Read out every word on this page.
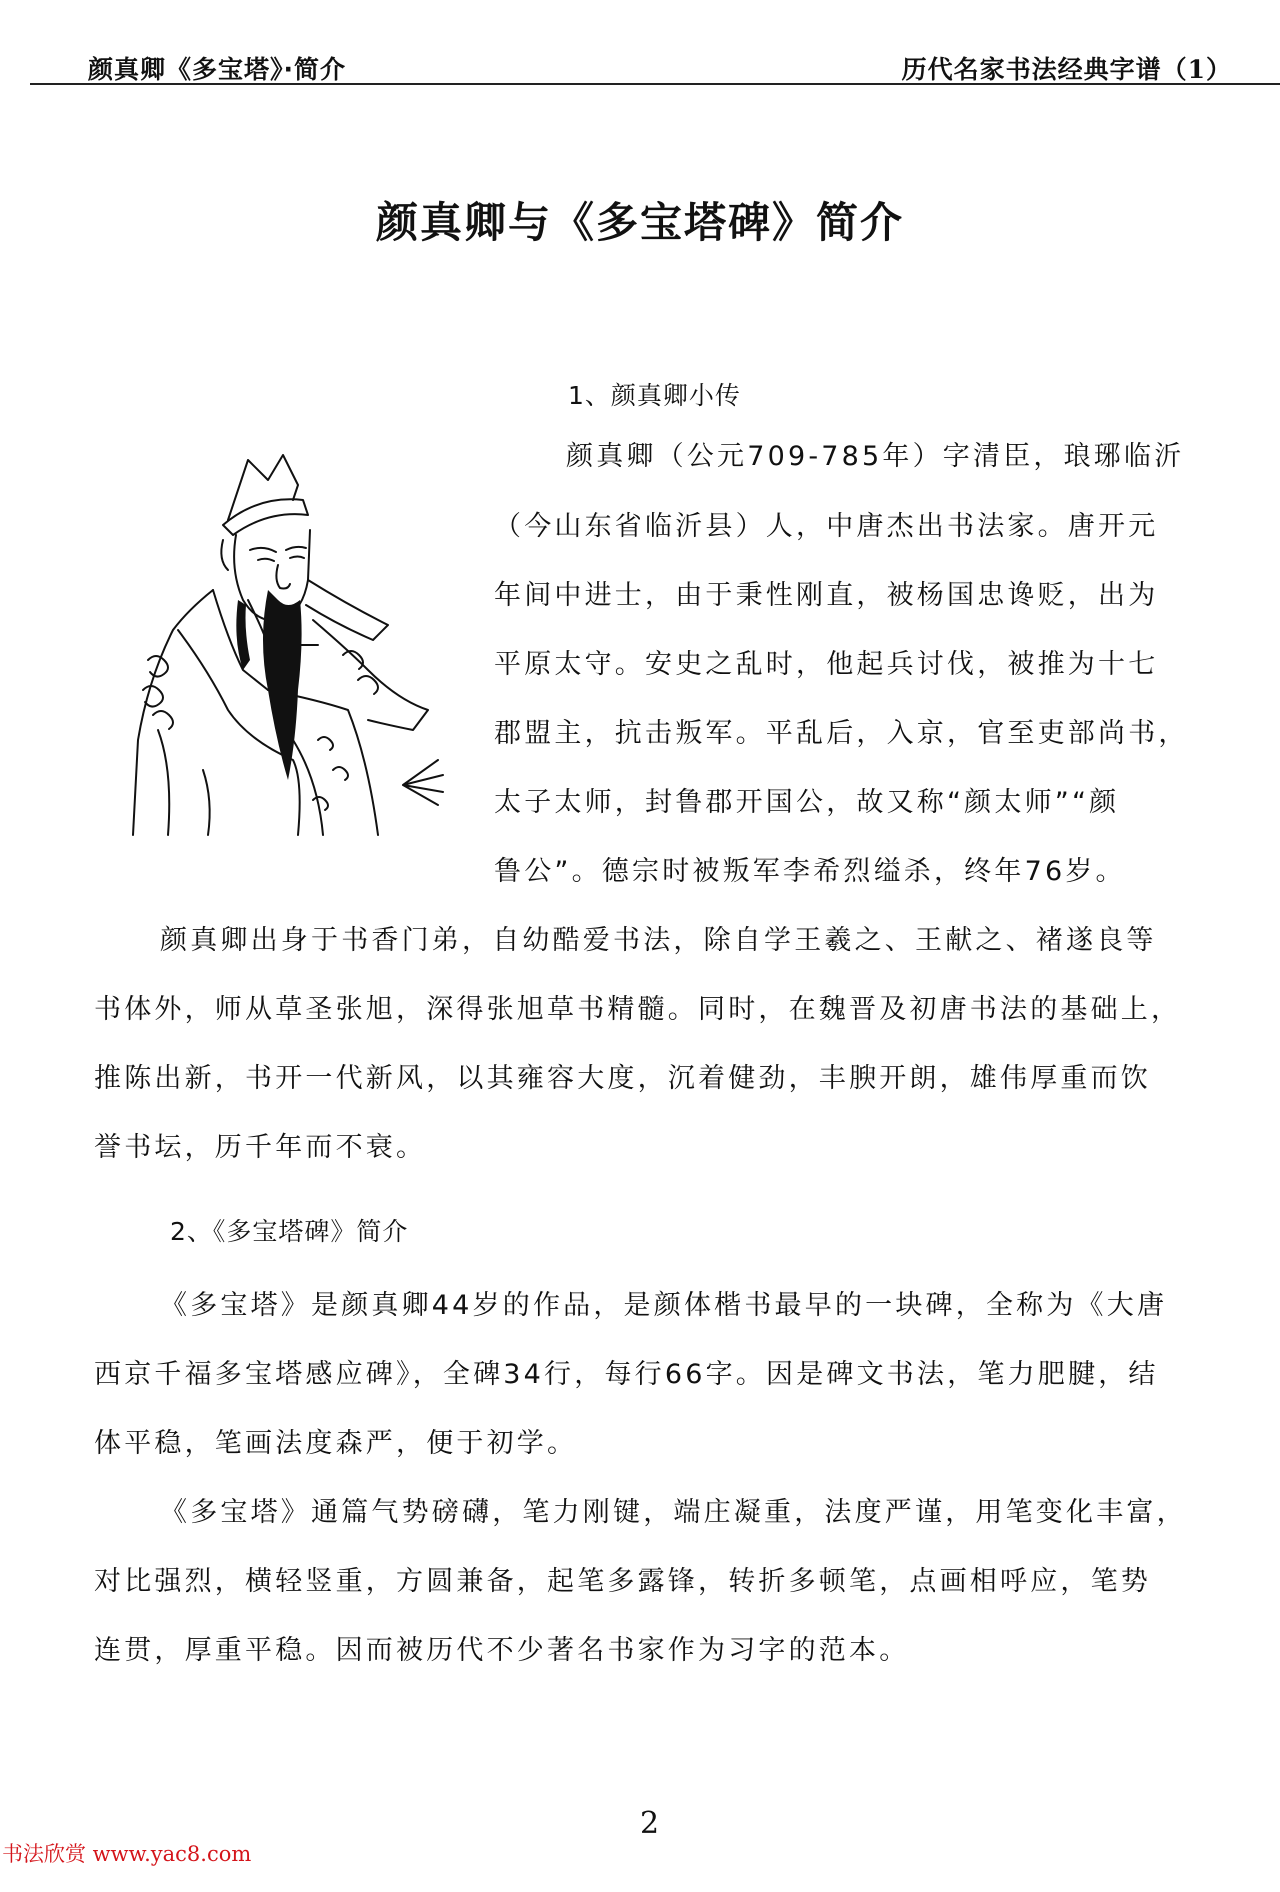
颜真卿《多宝塔》·简介	历代名家书法经典字谱（1）
颜真卿与《多宝塔碑》简介
1、颜真卿小传
颜真卿（公元709-785年）字清臣，琅琊临沂
（今山东省临沂县）人，中唐杰出书法家。唐开元
年间中进士，由于秉性刚直，被杨国忠谗贬，出为
平原太守。安史之乱时，他起兵讨伐，被推为十七
郡盟主，抗击叛军。平乱后，入京，官至吏部尚书，
太子太师，封鲁郡开国公，故又称“颜太师”“颜
鲁公”。德宗时被叛军李希烈缢杀，终年76岁。
颜真卿出身于书香门弟，自幼酷爱书法，除自学王羲之、王献之、褚遂良等
书体外，师从草圣张旭，深得张旭草书精髓。同时，在魏晋及初唐书法的基础上，
推陈出新，书开一代新风，以其雍容大度，沉着健劲，丰腴开朗，雄伟厚重而饮
誉书坛，历千年而不衰。
2、《多宝塔碑》简介
《多宝塔》是颜真卿44岁的作品，是颜体楷书最早的一块碑，全称为《大唐
西京千福多宝塔感应碑》，全碑34行，每行66字。因是碑文书法，笔力肥腱，结
体平稳，笔画法度森严，便于初学。
《多宝塔》通篇气势磅礴，笔力刚键，端庄凝重，法度严谨，用笔变化丰富，
对比强烈，横轻竖重，方圆兼备，起笔多露锋，转折多顿笔，点画相呼应，笔势
连贯，厚重平稳。因而被历代不少著名书家作为习字的范本。
2
书法欣赏 www.yac8.com
